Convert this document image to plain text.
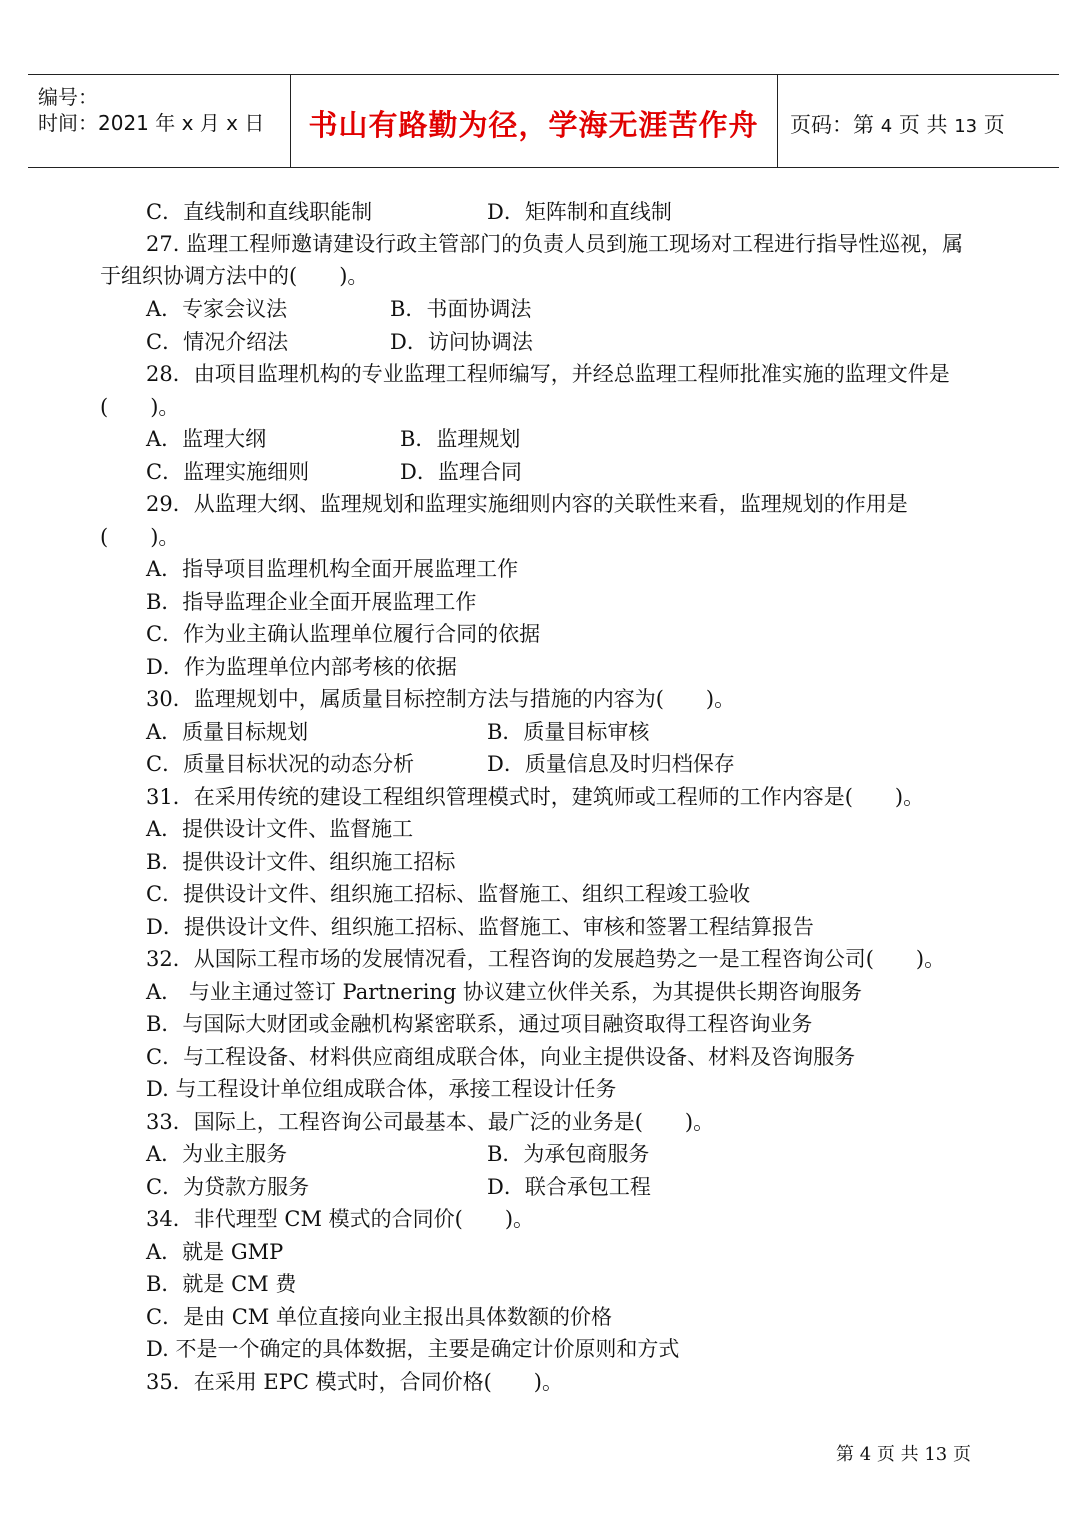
编号：
时间：2021 年 x 月 x 日	书山有路勤为径，学海无涯苦作舟	页码：第 4 页 共 13 页
C．直线制和直线职能制	D．矩阵制和直线制
27. 监理工程师邀请建设行政主管部门的负责人员到施工现场对工程进行指导性巡视，属
于组织协调方法中的(　　)。
A．专家会议法	B．书面协调法
C．情况介绍法	D．访问协调法
28．由项目监理机构的专业监理工程师编写，并经总监理工程师批准实施的监理文件是
(　　)。
A．监理大纲	B．监理规划
C．监理实施细则	D．监理合同
29．从监理大纲、监理规划和监理实施细则内容的关联性来看，监理规划的作用是
(　　)。
A．指导项目监理机构全面开展监理工作
B．指导监理企业全面开展监理工作
C．作为业主确认监理单位履行合同的依据
D．作为监理单位内部考核的依据
30．监理规划中，属质量目标控制方法与措施的内容为(　　)。
A．质量目标规划	B．质量目标审核
C．质量目标状况的动态分析	D．质量信息及时归档保存
31．在采用传统的建设工程组织管理模式时，建筑师或工程师的工作内容是(　　)。
A．提供设计文件、监督施工
B．提供设计文件、组织施工招标
C．提供设计文件、组织施工招标、监督施工、组织工程竣工验收
D．提供设计文件、组织施工招标、监督施工、审核和签署工程结算报告
32．从国际工程市场的发展情况看，工程咨询的发展趋势之一是工程咨询公司(　　)。
A． 与业主通过签订 Partnering 协议建立伙伴关系，为其提供长期咨询服务
B．与国际大财团或金融机构紧密联系，通过项目融资取得工程咨询业务
C．与工程设备、材料供应商组成联合体，向业主提供设备、材料及咨询服务
D. 与工程设计单位组成联合体，承接工程设计任务
33．国际上，工程咨询公司最基本、最广泛的业务是(　　)。
A．为业主服务	B．为承包商服务
C．为贷款方服务	D．联合承包工程
34．非代理型 CM 模式的合同价(　　)。
A．就是 GMP
B．就是 CM 费
C．是由 CM 单位直接向业主报出具体数额的价格
D. 不是一个确定的具体数据，主要是确定计价原则和方式
35．在采用 EPC 模式时，合同价格(　　)。
第 4 页 共 13 页
